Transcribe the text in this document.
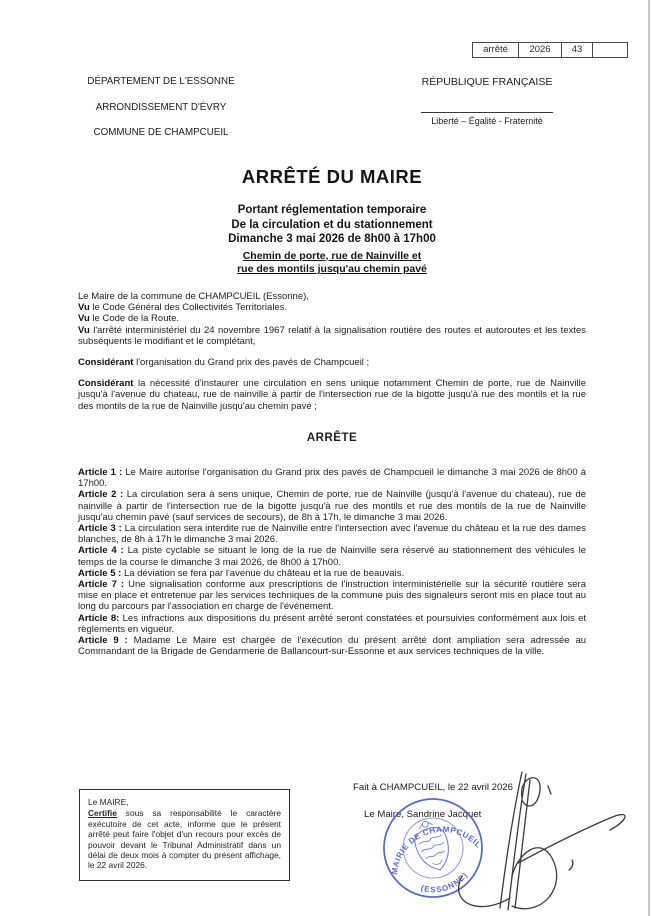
arrêté	2026	43
DÉPARTEMENT DE L'ESSONNE
ARRONDISSEMENT D'ÉVRY
COMMUNE DE CHAMPCUEIL
RÉPUBLIQUE FRANÇAISE
Liberté – Égalité - Fraternité
ARRÊTÉ DU MAIRE

Portant réglementation temporaire

De la circulation et du stationnement

Dimanche 3 mai 2026 de 8h00 à 17h00

Chemin de porte, rue de Nainville et

rue des montils jusqu'au chemin pavé

Le Maire de la commune de CHAMPCUEIL (Essonne),

Vu le Code Général des Collectivités Territoriales.

Vu le Code de la Route.

Vu l'arrêté interministériel du 24 novembre 1967 relatif à la signalisation routière des routes et autoroutes et les textes subséquents le modifiant et le complétant,

Considérant l'organisation du Grand prix des pavés de Champcueil ;

Considérant la nécessité d'instaurer une circulation en sens unique notamment Chemin de porte, rue de Nainville jusqu'à l'avenue du chateau, rue de nainville à partir de l'intersection rue de la bigotte jusqu'à rue des montils et la rue des montils de la rue de Nainville jusqu'au chemin pavé ;

ARRÊTE

Article 1 : Le Maire autorise l'organisation du Grand prix des pavés de Champcueil le dimanche 3 mai 2026 de 8h00 à 17h00.

Article 2 : La circulation sera à sens unique, Chemin de porte, rue de Nainville (jusqu'à l'avenue du chateau), rue de nainville à partir de l'intersection rue de la bigotte jusqu'à rue des montils et rue des montils de la rue de Nainville jusqu'au chemin pavé (sauf services de secours), de 8h à 17h, le dimanche 3 mai 2026.

Article 3 : La circulation sera interdite rue de Nainville entre l'intersection avec l'avenue du château et la rue des dames blanches, de 8h à 17h le dimanche 3 mai 2026.

Article 4 : La piste cyclable se situant le long de la rue de Nainville sera réservé au stationnement des véhicules le temps de la course le dimanche 3 mai 2026, de 8h00 à 17h00.

Article 5 : La déviation se fera par l'avenue du château et la rue de beauvais.

Article 7 : Une signalisation conforme aux prescriptions de l'instruction interministérielle sur la sécurité routière sera mise en place et entretenue par les services techniques de la commune puis des signaleurs seront mis en place tout au long du parcours par l'association en charge de l'événement.

Article 8: Les infractions aux dispositions du présent arrêté seront constatées et poursuivies conformément aux lois et règlements en vigueur.

Article 9 : Madame Le Maire est chargée de l'exécution du présent arrêté dont ampliation sera adressée au Commandant de la Brigade de Gendarmerie de Ballancourt-sur-Essonne et aux services techniques de la ville.

Le MAIRE,

Certifie sous sa responsabilité le caractère exécutoire de cet acte, informe que le présent arrêté peut faire l'objet d'un recours pour excès de pouvoir devant le Tribunal Administratif dans un délai de deux mois à compter du présent affichage, le 22 avril 2026.
Fait à CHAMPCUEIL, le 22 avril 2026
Le Maire, Sandrine Jacquet
MAIRIE DE CHAMPCUEIL
(ESSONNE)
